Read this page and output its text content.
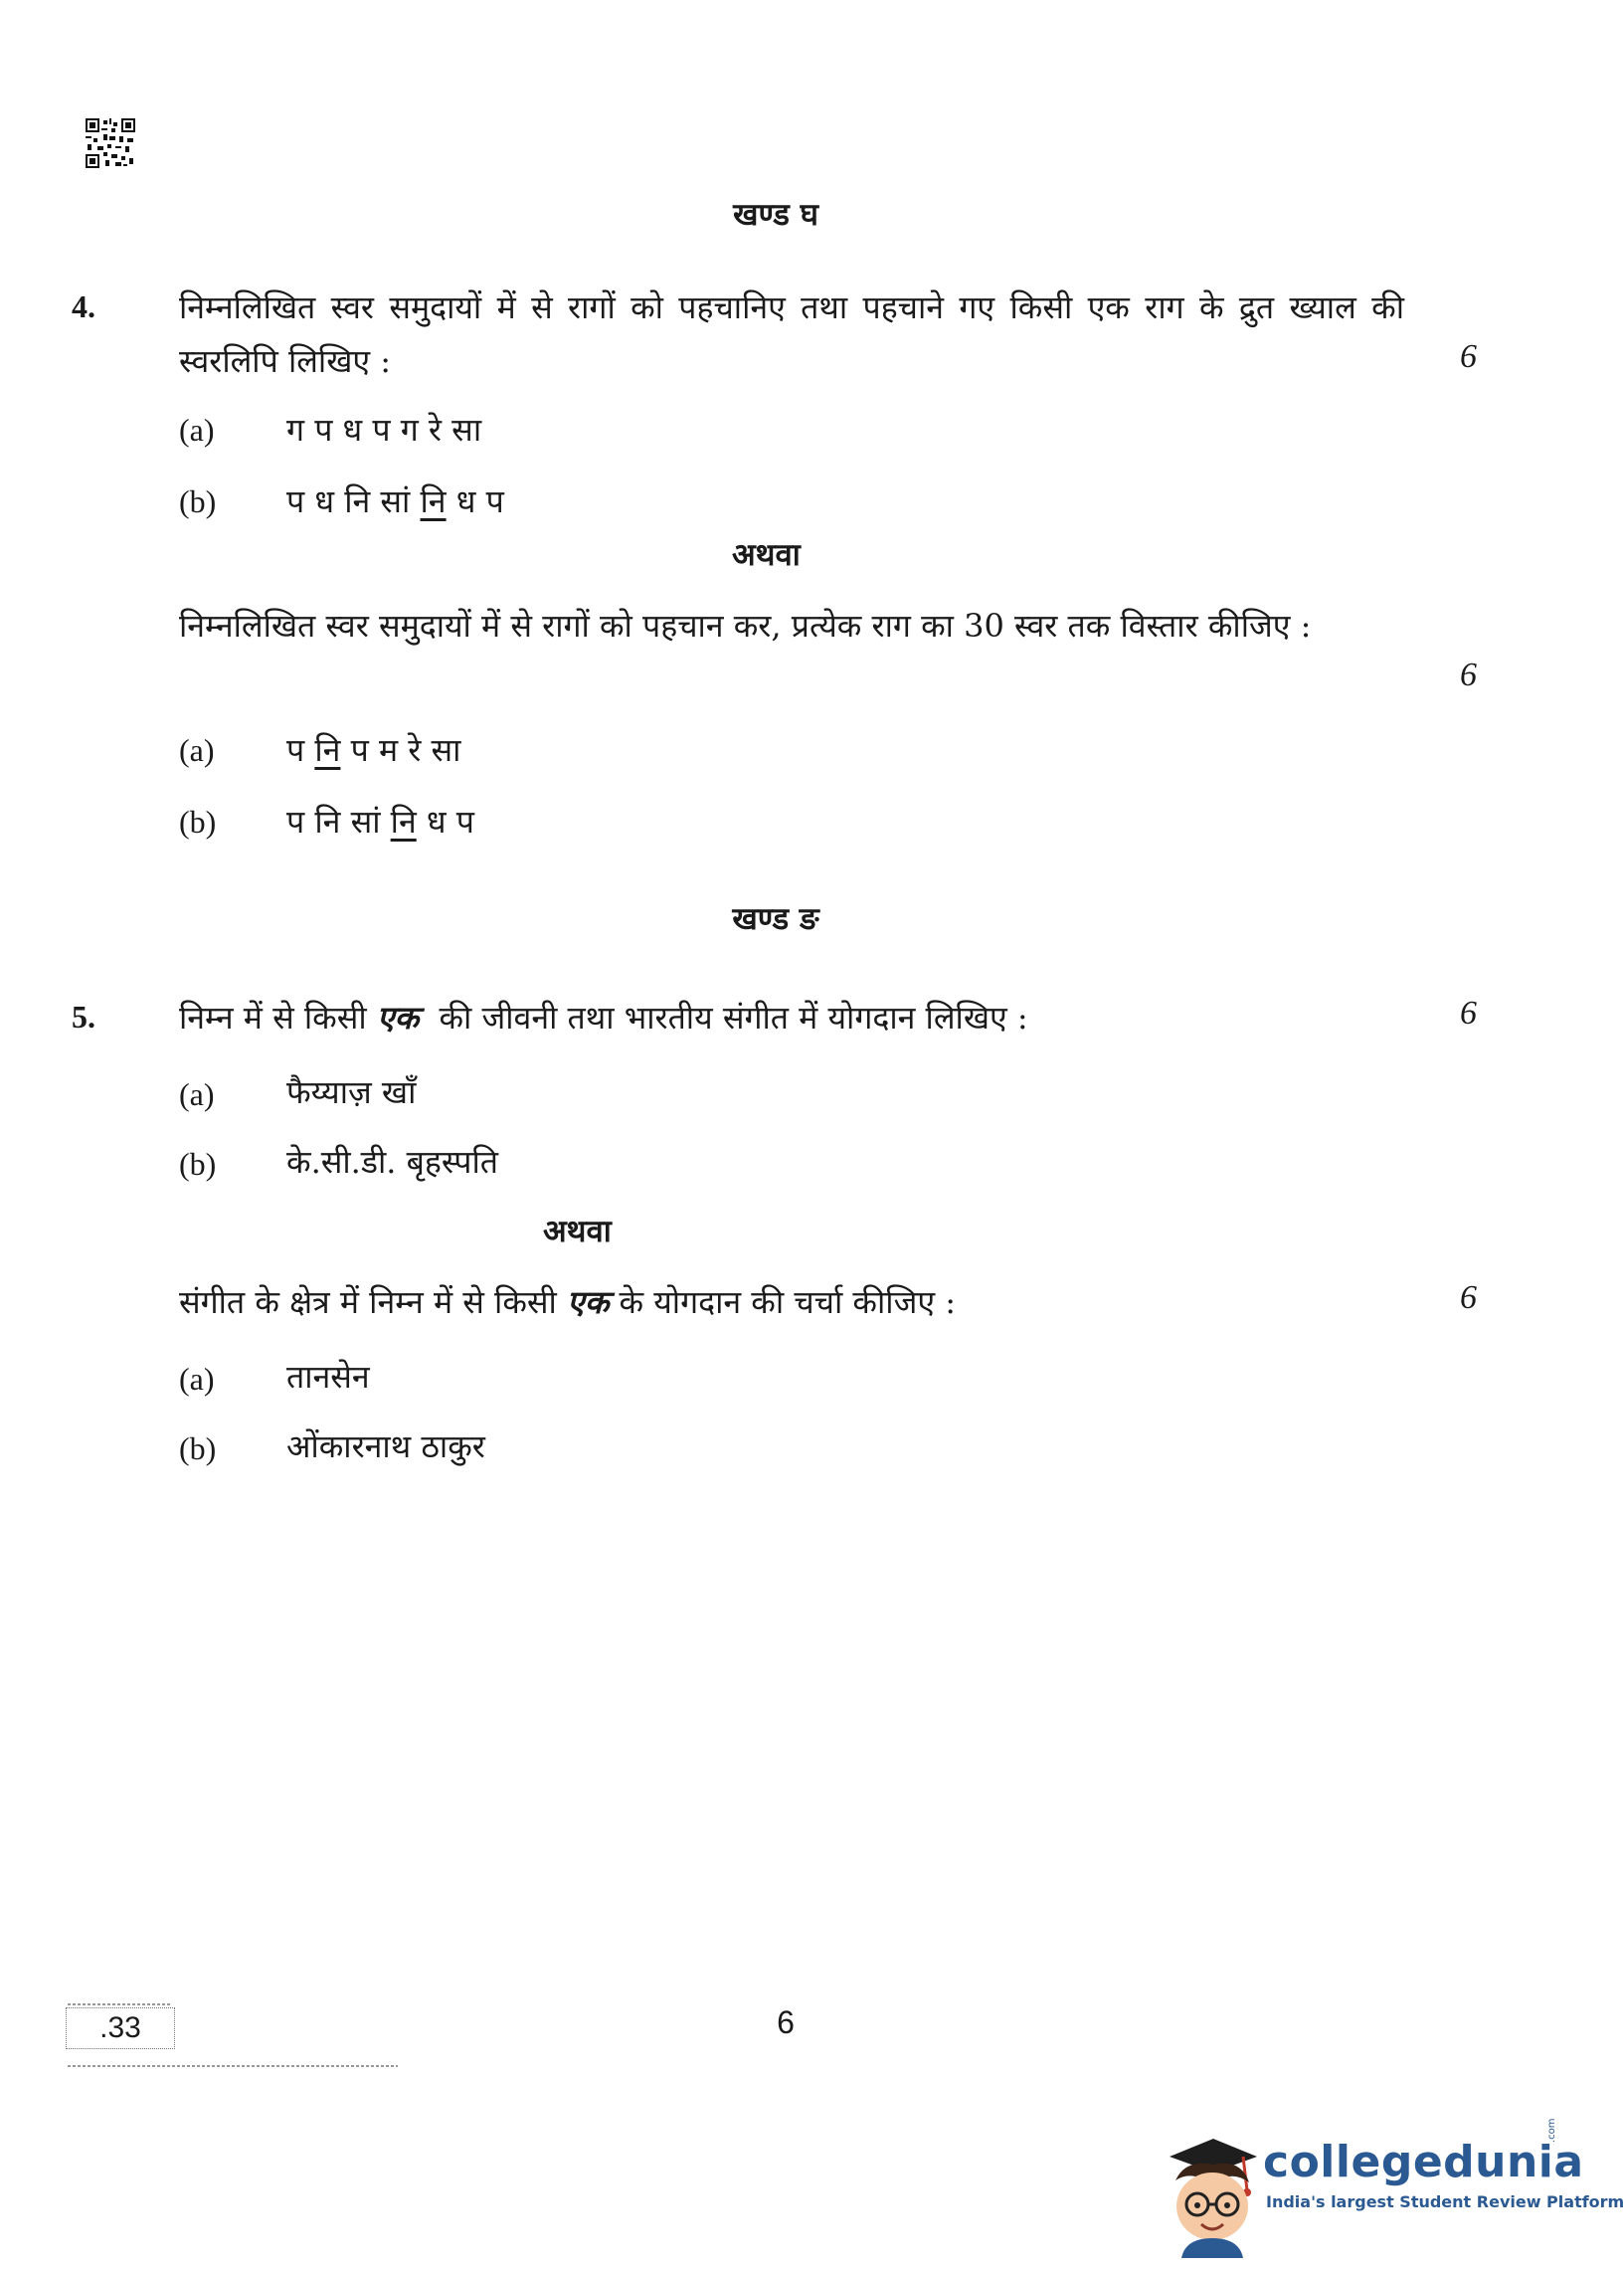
खण्ड घ
4.	निम्नलिखित स्वर समुदायों में से रागों को पहचानिए तथा पहचाने गए किसी एक राग के द्रुत ख्याल की स्वरलिपि लिखिए :	6
(a) ग प ध प ग रे सा
(b) प ध नि सां नि ध प
अथवा
निम्नलिखित स्वर समुदायों में से रागों को पहचान कर, प्रत्येक राग का 30 स्वर तक विस्तार कीजिए :
6
(a) प नि प म रे सा
(b) प नि सां नि ध प
खण्ड ङ
5.	निम्न में से किसी एक  की जीवनी तथा भारतीय संगीत में योगदान लिखिए :	6
(a) फैय्याज़ खाँ
(b) के.सी.डी. बृहस्पति
अथवा
संगीत के क्षेत्र में निम्न में से किसी एक के योगदान की चर्चा कीजिए :	6
(a) तानसेन
(b) ओंकारनाथ ठाकुर
.33	6
collegedunia
.com
India's largest Student Review Platform
